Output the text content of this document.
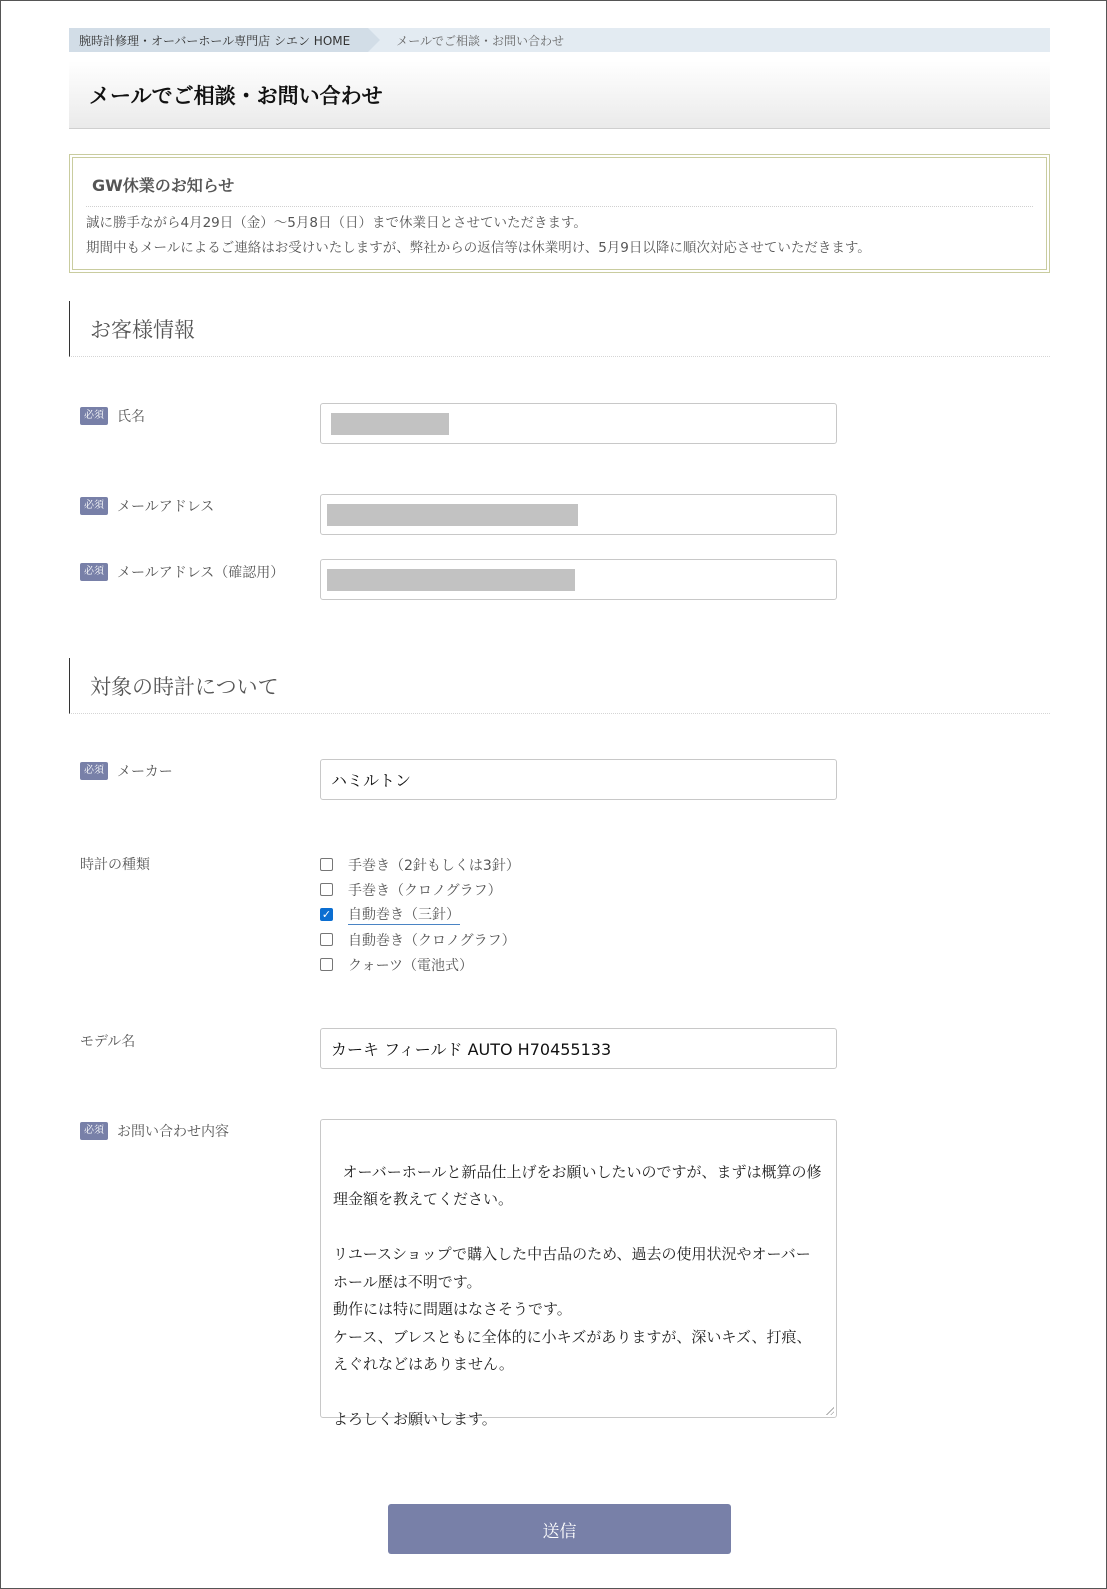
腕時計修理・オーバーホール専門店 シエン HOME	メールでご相談・お問い合わせ
メールでご相談・お問い合わせ
GW休業のお知らせ
誠に勝手ながら4月29日（金）～5月8日（日）まで休業日とさせていただきます。
期間中もメールによるご連絡はお受けいたしますが、弊社からの返信等は休業明け、5月9日以降に順次対応させていただきます。
お客様情報
必須 氏名
必須 メールアドレス
必須 メールアドレス（確認用）
対象の時計について
必須 メーカー	ハミルトン
時計の種類	手巻き（2針もしくは3針）
手巻き（クロノグラフ）
✓ 自動巻き（三針）
自動巻き（クロノグラフ）
クォーツ（電池式）
モデル名	カーキ フィールド AUTO H70455133
必須 お問い合わせ内容

オーバーホールと新品仕上げをお願いしたいのですが、まずは概算の修理金額を教えてください。

リユースショップで購入した中古品のため、過去の使用状況やオーバーホール歴は不明です。
動作には特に問題はなさそうです。
ケース、ブレスともに全体的に小キズがありますが、深いキズ、打痕、えぐれなどはありません。

よろしくお願いします。

送信
